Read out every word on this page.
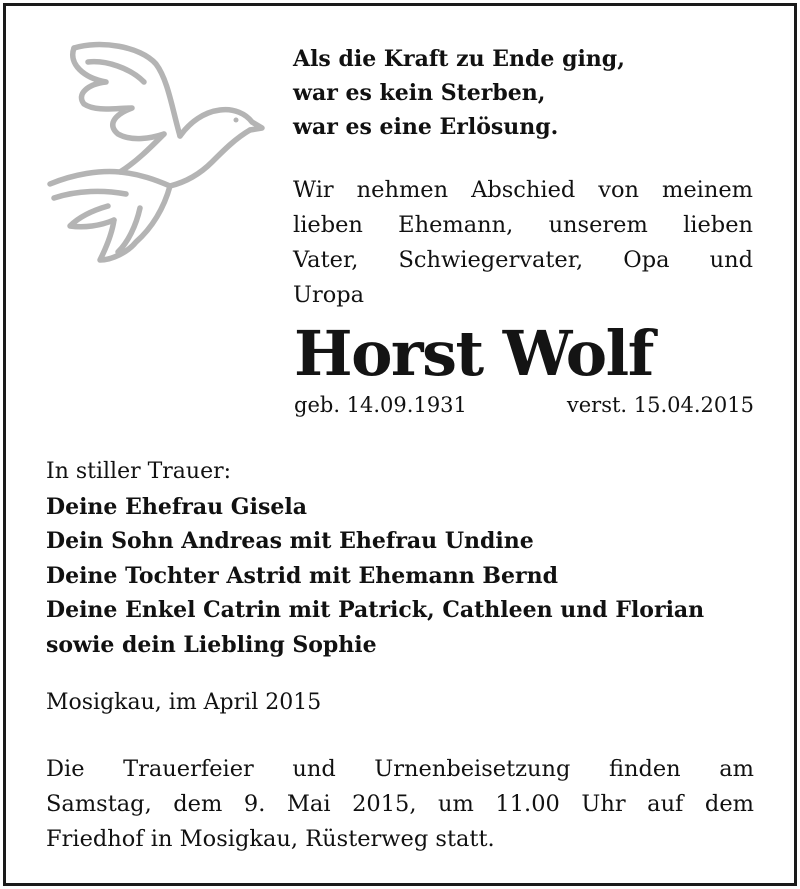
Als die Kraft zu Ende ging,
war es kein Sterben,
war es eine Erlösung.
Wir nehmen Abschied von meinem
lieben Ehemann, unserem lieben
Vater, Schwiegervater, Opa und
Uropa
Horst Wolf
geb. 14.09.1931	verst. 15.04.2015
In stiller Trauer:
Deine Ehefrau Gisela
Dein Sohn Andreas mit Ehefrau Undine
Deine Tochter Astrid mit Ehemann Bernd
Deine Enkel Catrin mit Patrick, Cathleen und Florian
sowie dein Liebling Sophie
Mosigkau, im April 2015
Die Trauerfeier und Urnenbeisetzung finden am
Samstag, dem 9. Mai 2015, um 11.00 Uhr auf dem
Friedhof in Mosigkau, Rüsterweg statt.
